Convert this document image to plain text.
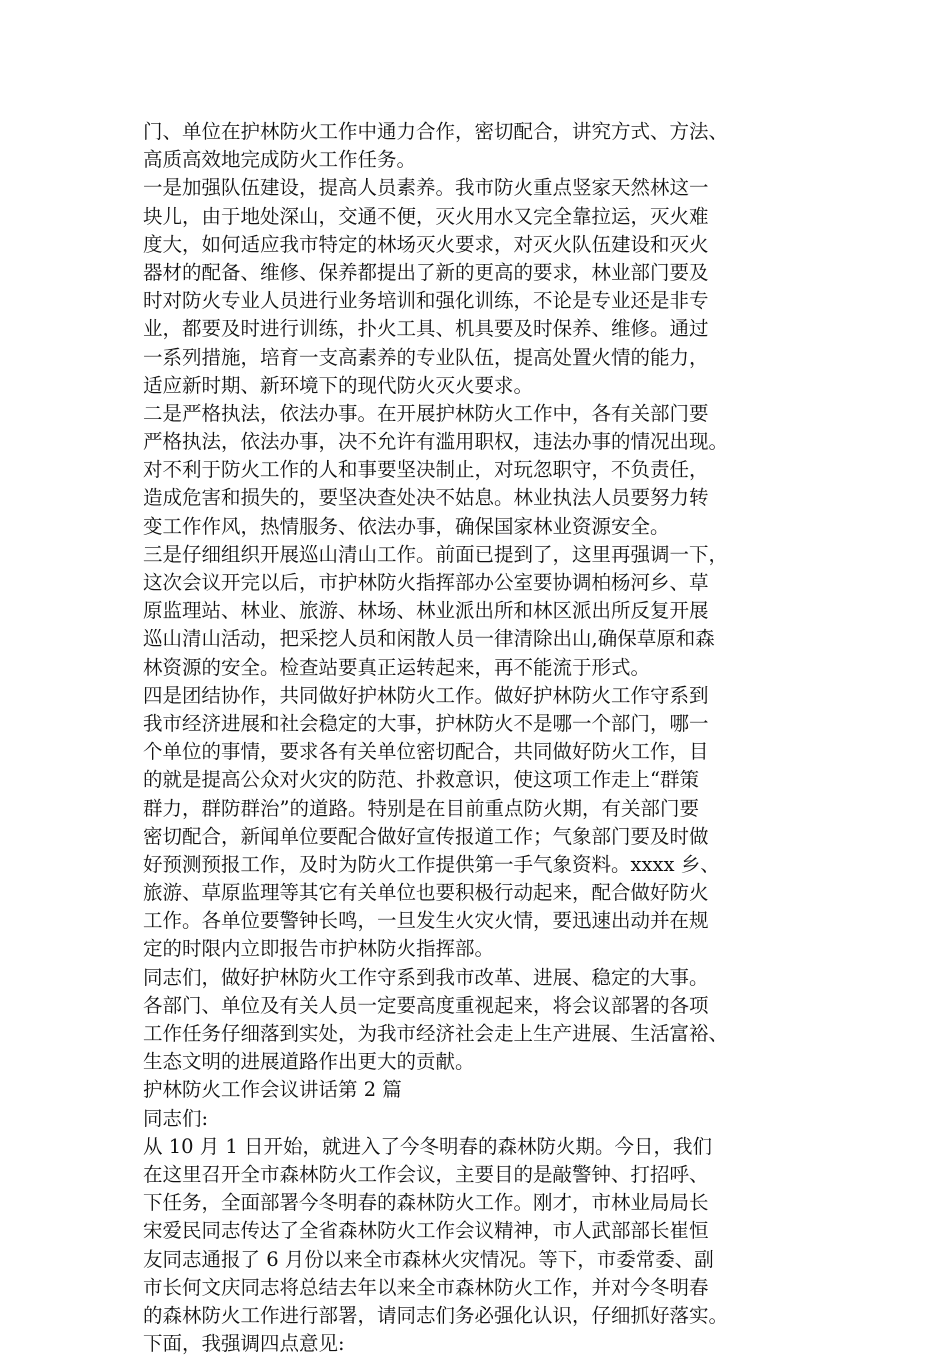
门、单位在护林防火工作中通力合作，密切配合，讲究方式、方法、
高质高效地完成防火工作任务。
一是加强队伍建设，提高人员素养。我市防火重点竖家天然林这一
块儿，由于地处深山，交通不便，灭火用水又完全靠拉运，灭火难
度大，如何适应我市特定的林场灭火要求，对灭火队伍建设和灭火
器材的配备、维修、保养都提出了新的更高的要求，林业部门要及
时对防火专业人员进行业务培训和强化训练，不论是专业还是非专
业，都要及时进行训练，扑火工具、机具要及时保养、维修。通过
一系列措施，培育一支高素养的专业队伍，提高处置火情的能力，
适应新时期、新环境下的现代防火灭火要求。
二是严格执法，依法办事。在开展护林防火工作中，各有关部门要
严格执法，依法办事，决不允许有滥用职权，违法办事的情况出现。
对不利于防火工作的人和事要坚决制止，对玩忽职守，不负责任，
造成危害和损失的，要坚决查处决不姑息。林业执法人员要努力转
变工作作风，热情服务、依法办事，确保国家林业资源安全。
三是仔细组织开展巡山清山工作。前面已提到了，这里再强调一下，
这次会议开完以后，市护林防火指挥部办公室要协调柏杨河乡、草
原监理站、林业、旅游、林场、林业派出所和林区派出所反复开展
巡山清山活动，把采挖人员和闲散人员一律清除出山,确保草原和森
林资源的安全。检查站要真正运转起来，再不能流于形式。
四是团结协作，共同做好护林防火工作。做好护林防火工作守系到
我市经济进展和社会稳定的大事，护林防火不是哪一个部门，哪一
个单位的事情，要求各有关单位密切配合，共同做好防火工作，目
的就是提高公众对火灾的防范、扑救意识，使这项工作走上“群策
群力，群防群治”的道路。特别是在目前重点防火期，有关部门要
密切配合，新闻单位要配合做好宣传报道工作；气象部门要及时做
好预测预报工作，及时为防火工作提供第一手气象资料。xxxx 乡、
旅游、草原监理等其它有关单位也要积极行动起来，配合做好防火
工作。各单位要警钟长鸣，一旦发生火灾火情，要迅速出动并在规
定的时限内立即报告市护林防火指挥部。
同志们，做好护林防火工作守系到我市改革、进展、稳定的大事。
各部门、单位及有关人员一定要高度重视起来，将会议部署的各项
工作任务仔细落到实处，为我市经济社会走上生产进展、生活富裕、
生态文明的进展道路作出更大的贡献。
护林防火工作会议讲话第 2 篇
同志们:
从 10 月 1 日开始，就进入了今冬明春的森林防火期。今日，我们
在这里召开全市森林防火工作会议，主要目的是敲警钟、打招呼、
下任务，全面部署今冬明春的森林防火工作。刚才，市林业局局长
宋爱民同志传达了全省森林防火工作会议精神，市人武部部长崔恒
友同志通报了 6 月份以来全市森林火灾情况。等下，市委常委、副
市长何文庆同志将总结去年以来全市森林防火工作，并对今冬明春
的森林防火工作进行部署，请同志们务必强化认识，仔细抓好落实。
下面，我强调四点意见:
